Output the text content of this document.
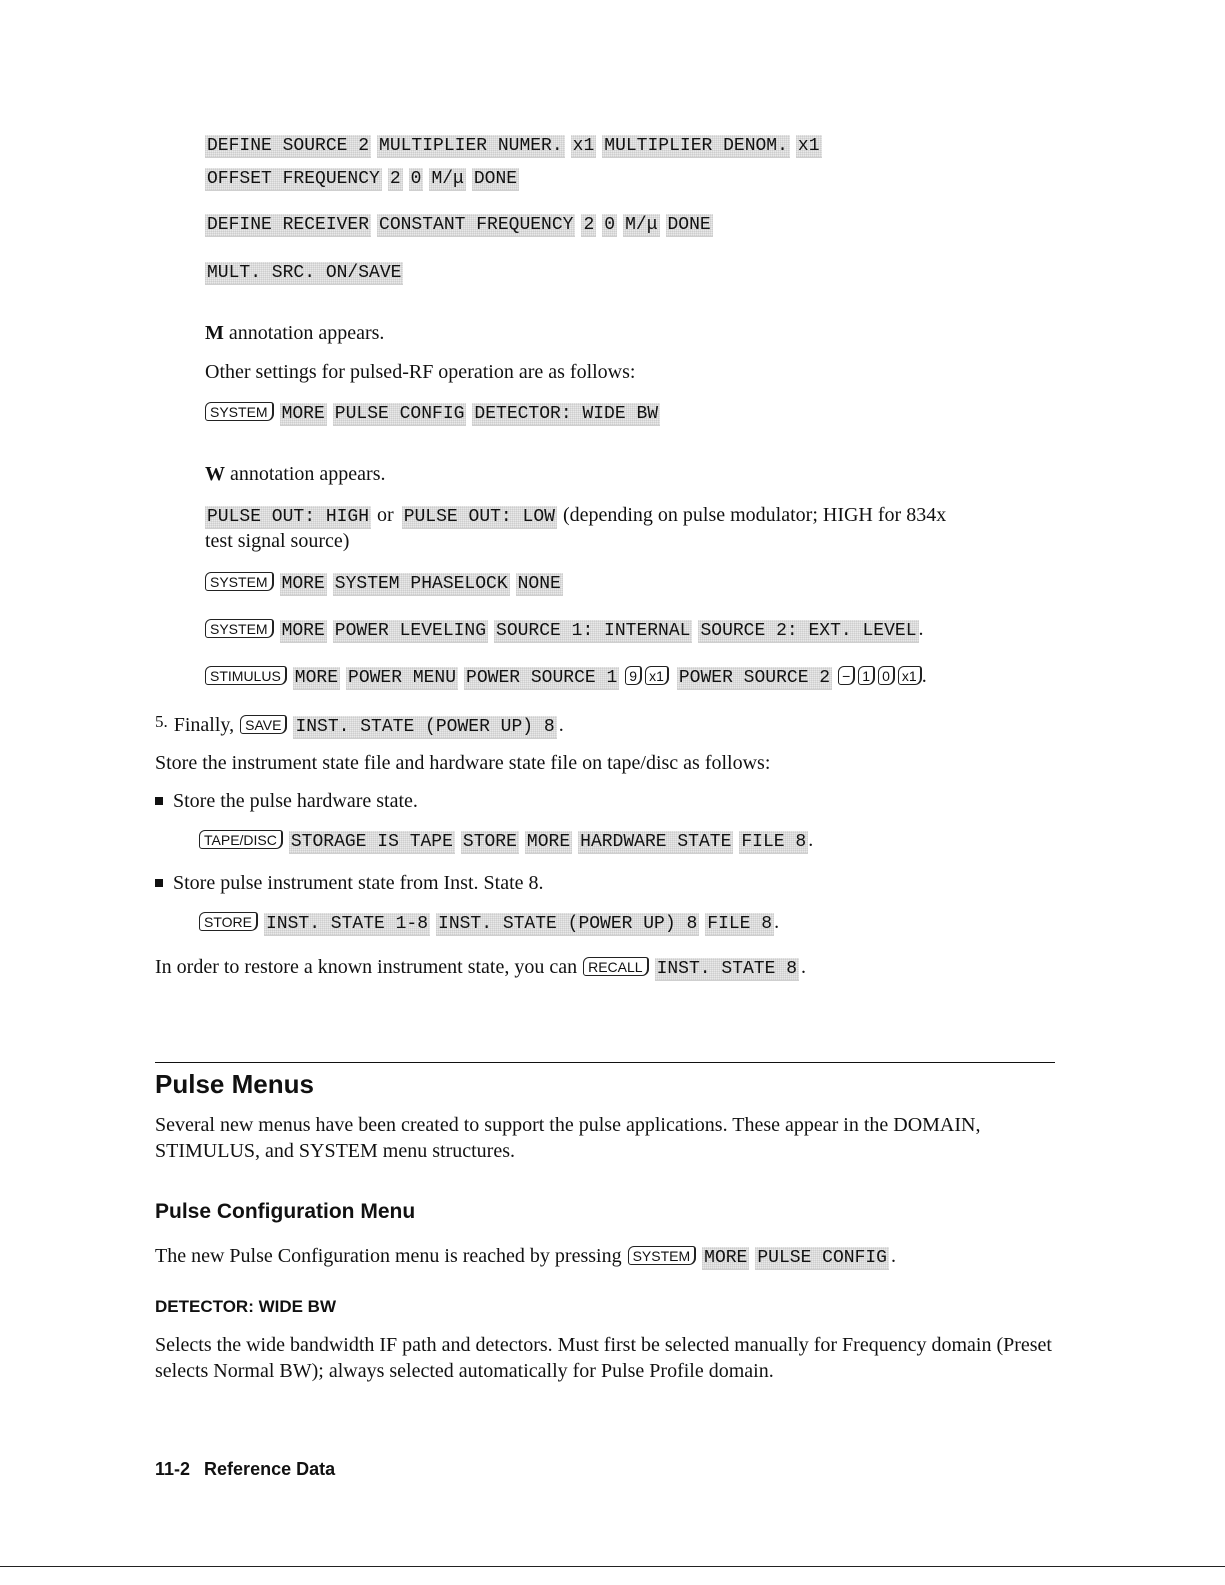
DEFINE SOURCE 2 MULTIPLIER NUMER. x1 MULTIPLIER DENOM. x1
OFFSET FREQUENCY 2 0 M/μ DONE
DEFINE RECEIVER CONSTANT FREQUENCY 2 0 M/μ DONE
MULT. SRC. ON/SAVE
M annotation appears.
Other settings for pulsed-RF operation are as follows:
SYSTEM MORE PULSE CONFIG DETECTOR: WIDE BW
W annotation appears.
PULSE OUT: HIGH or PULSE OUT: LOW (depending on pulse modulator; HIGH for 834x
test signal source)
SYSTEM MORE SYSTEM PHASELOCK NONE
SYSTEM MORE POWER LEVELING SOURCE 1: INTERNAL SOURCE 2: EXT. LEVEL .
STIMULUS MORE POWER MENU POWER SOURCE 1 9 x1 POWER SOURCE 2 − 1 0 x1 .
$^{5.}$ Finally, SAVE INST. STATE (POWER UP) 8 .
Store the instrument state file and hardware state file on tape/disc as follows:
Store the pulse hardware state.
TAPE/DISC STORAGE IS TAPE STORE MORE HARDWARE STATE FILE 8 .
Store pulse instrument state from Inst. State 8.
STORE INST. STATE 1-8 INST. STATE (POWER UP) 8 FILE 8 .
In order to restore a known instrument state, you can RECALL INST. STATE 8 .
Pulse Menus
Several new menus have been created to support the pulse applications. These appear in the DOMAIN, STIMULUS, and SYSTEM menu structures.
Pulse Configuration Menu
The new Pulse Configuration menu is reached by pressing SYSTEM MORE PULSE CONFIG .
DETECTOR: WIDE BW
Selects the wide bandwidth IF path and detectors. Must first be selected manually for Frequency domain (Preset selects Normal BW); always selected automatically for Pulse Profile domain.
11-2 Reference Data
